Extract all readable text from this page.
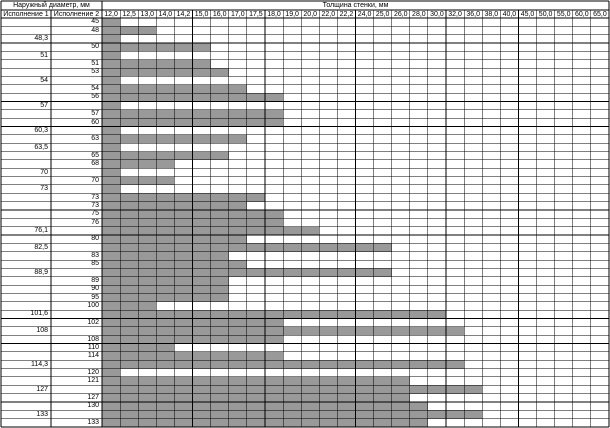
Наружный диаметр, мм	Толщина стенки, мм
Исполнение 1 Исполнение 2 12,0 12,5 13,0 14,0 14,2 15,0 16,0 17,0 17,5 18,0 19,0 20,0 22,0 22,2 24,0 25,0 26,0 28,0 30,0 32,0 36,0 38,0 40,0 45,0 50,0 55,0 60,0 65,0
45
48
48,3
50
51
51
53
54
54
56
57
57
60
60,3
63
63,5
65
68
70
70
73
73
73
75
76
76,1
80
82,5
83
85
88,9
89
90
95
100
101,6
102
108
108
110
114
114,3
120
121
127
127
130
133
133
